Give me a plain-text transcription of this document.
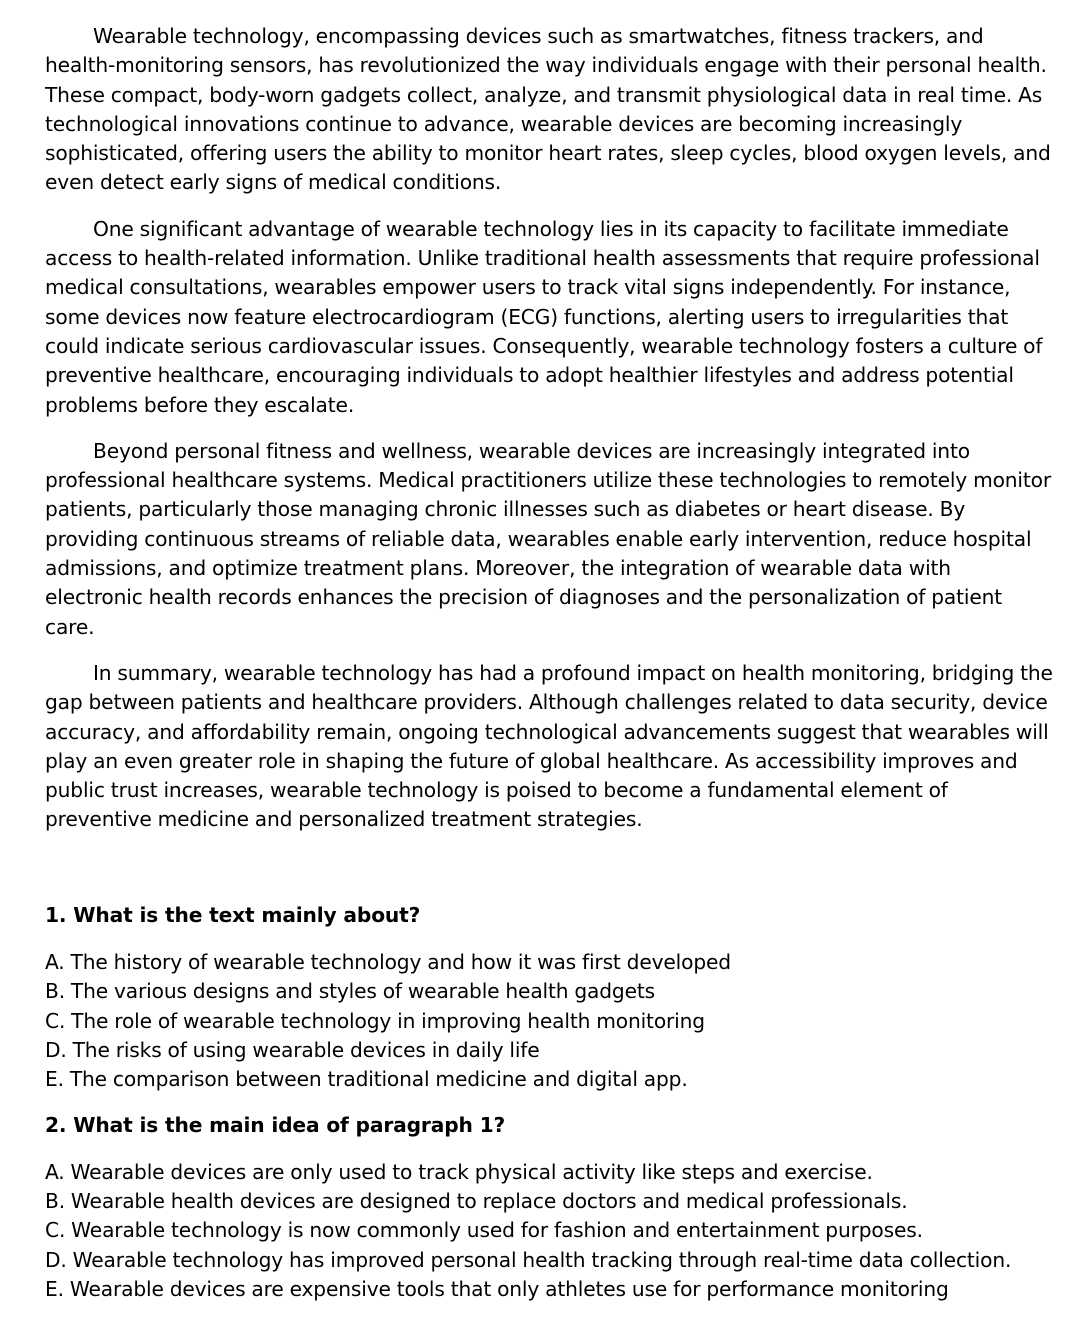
Wearable technology, encompassing devices such as smartwatches, fitness trackers, and health-monitoring sensors, has revolutionized the way individuals engage with their personal health. These compact, body-worn gadgets collect, analyze, and transmit physiological data in real time. As technological innovations continue to advance, wearable devices are becoming increasingly sophisticated, offering users the ability to monitor heart rates, sleep cycles, blood oxygen levels, and even detect early signs of medical conditions.

One significant advantage of wearable technology lies in its capacity to facilitate immediate access to health-related information. Unlike traditional health assessments that require professional medical consultations, wearables empower users to track vital signs independently. For instance, some devices now feature electrocardiogram (ECG) functions, alerting users to irregularities that could indicate serious cardiovascular issues. Consequently, wearable technology fosters a culture of preventive healthcare, encouraging individuals to adopt healthier lifestyles and address potential problems before they escalate.

Beyond personal fitness and wellness, wearable devices are increasingly integrated into professional healthcare systems. Medical practitioners utilize these technologies to remotely monitor patients, particularly those managing chronic illnesses such as diabetes or heart disease. By providing continuous streams of reliable data, wearables enable early intervention, reduce hospital admissions, and optimize treatment plans. Moreover, the integration of wearable data with electronic health records enhances the precision of diagnoses and the personalization of patient care.

In summary, wearable technology has had a profound impact on health monitoring, bridging the gap between patients and healthcare providers. Although challenges related to data security, device accuracy, and affordability remain, ongoing technological advancements suggest that wearables will play an even greater role in shaping the future of global healthcare. As accessibility improves and public trust increases, wearable technology is poised to become a fundamental element of preventive medicine and personalized treatment strategies.

1. What is the text mainly about?

A. The history of wearable technology and how it was first developed
B. The various designs and styles of wearable health gadgets
C. The role of wearable technology in improving health monitoring
D. The risks of using wearable devices in daily life
E. The comparison between traditional medicine and digital app.

2. What is the main idea of paragraph 1?

A. Wearable devices are only used to track physical activity like steps and exercise.
B. Wearable health devices are designed to replace doctors and medical professionals.
C. Wearable technology is now commonly used for fashion and entertainment purposes.
D. Wearable technology has improved personal health tracking through real-time data collection.
E. Wearable devices are expensive tools that only athletes use for performance monitoring
